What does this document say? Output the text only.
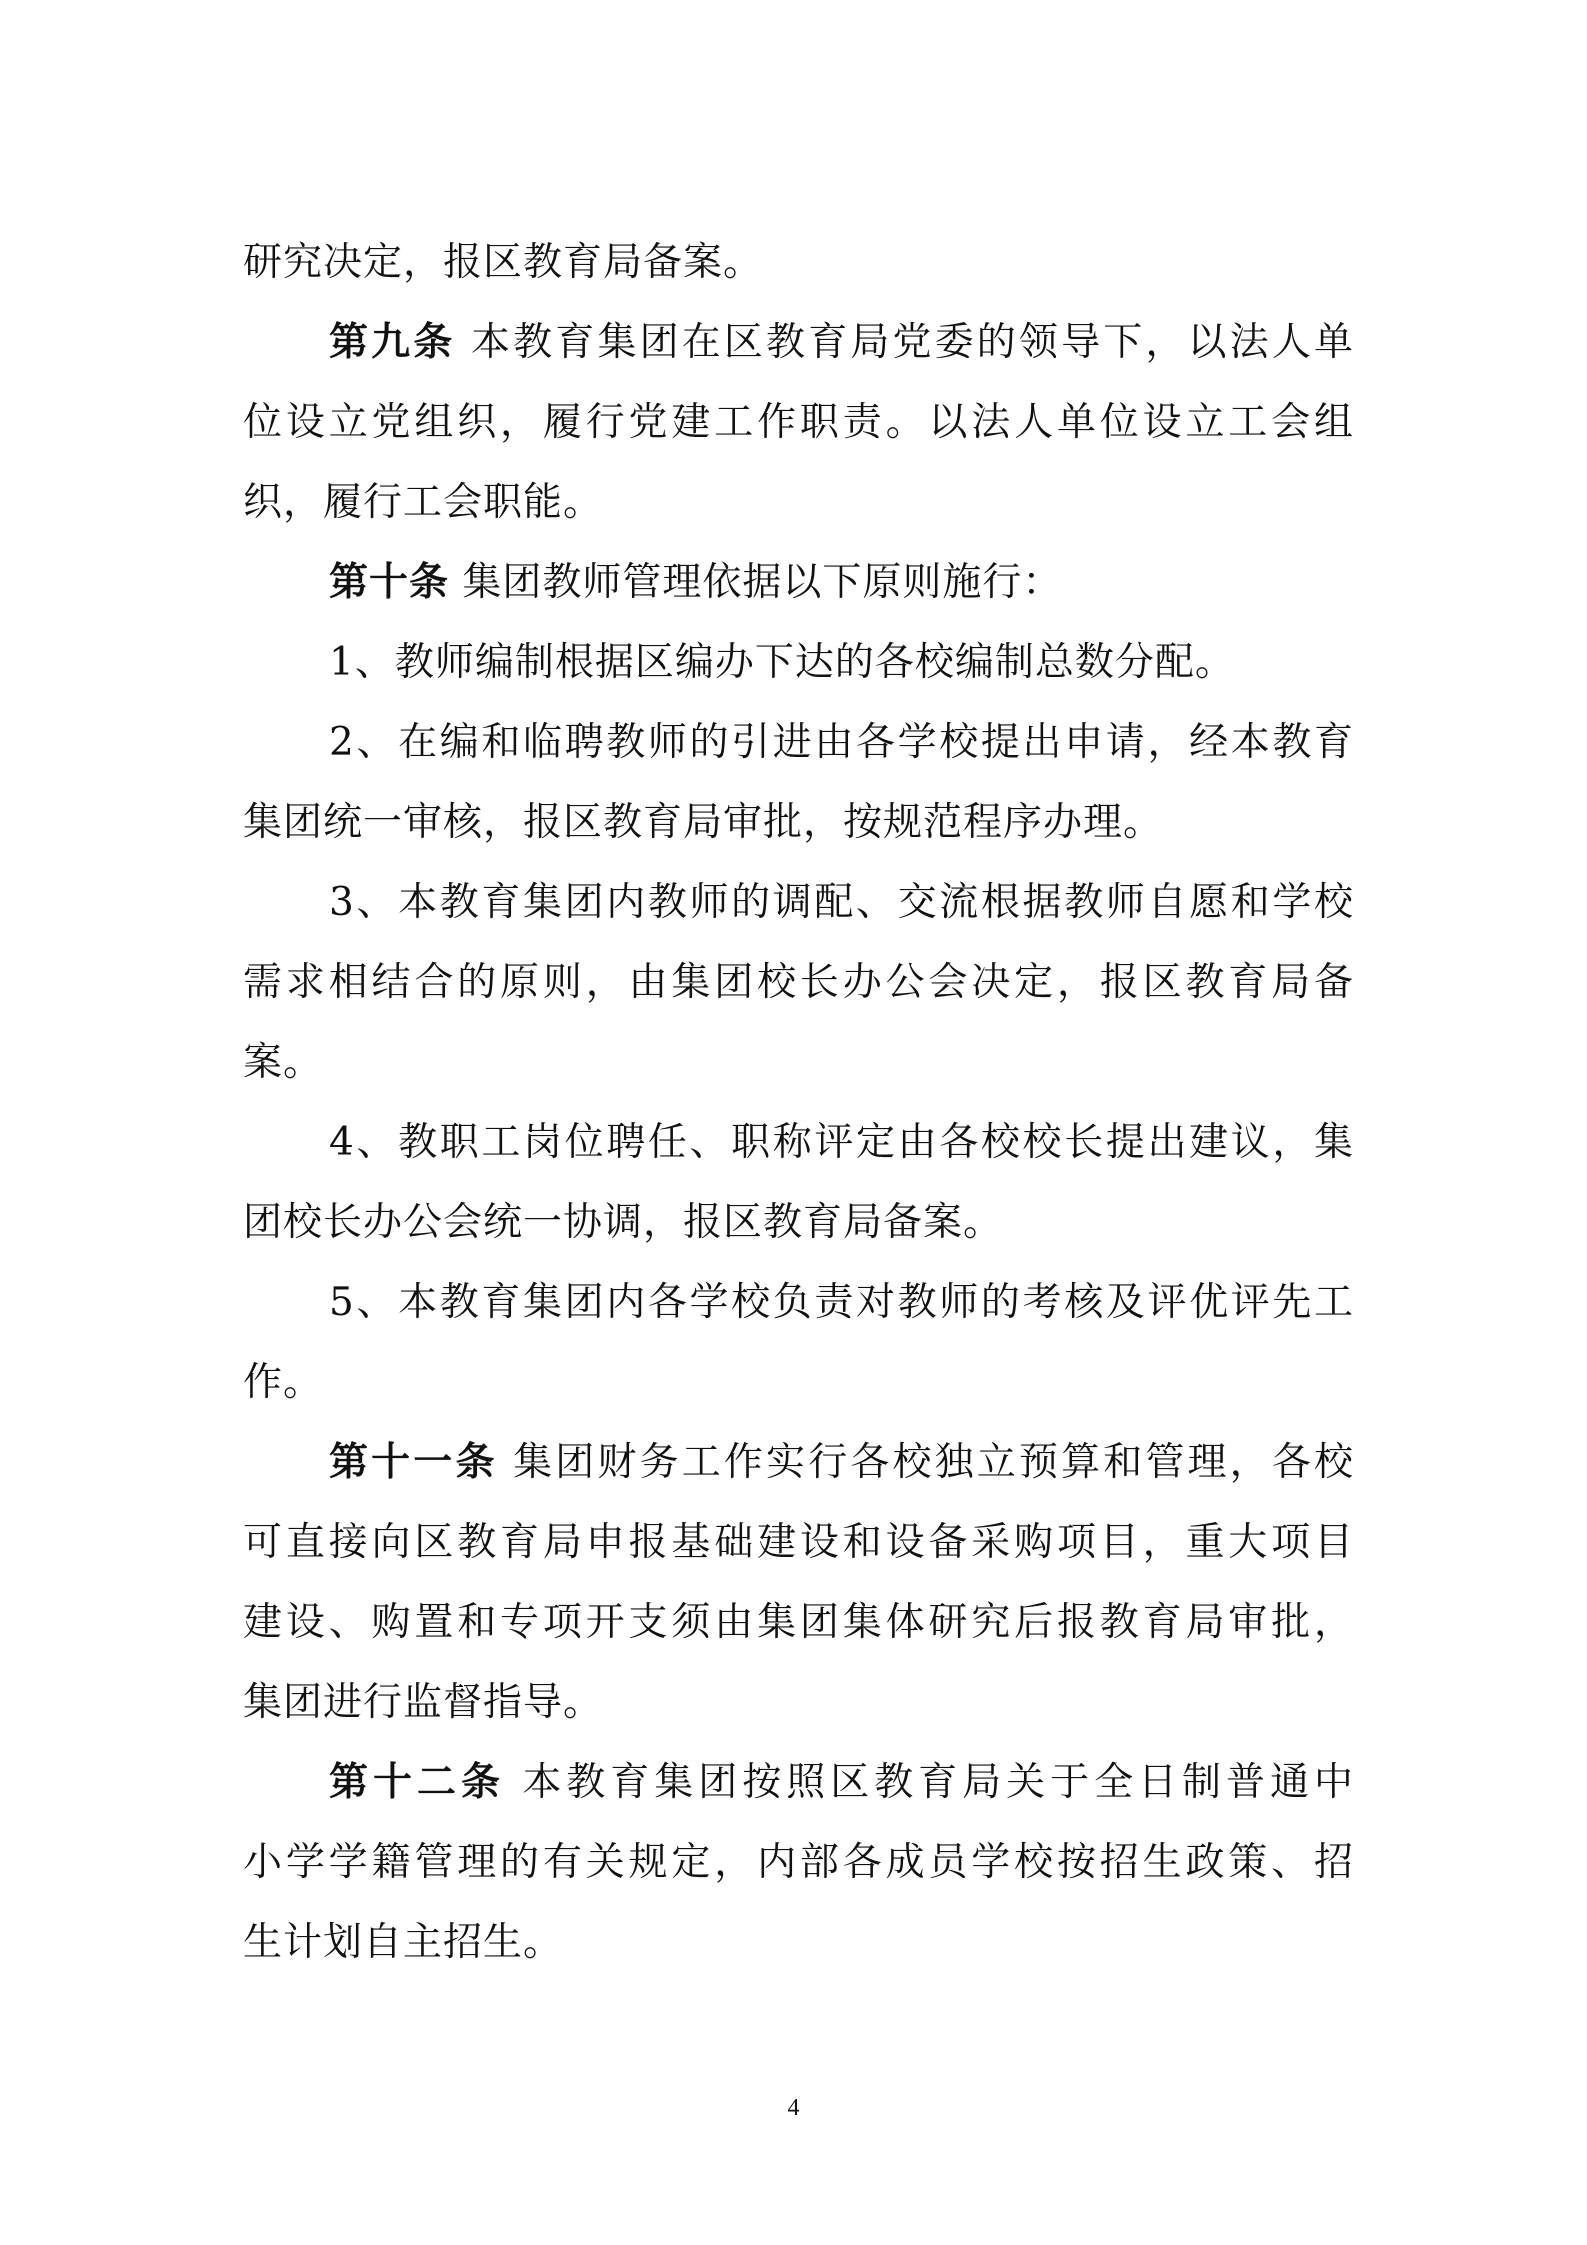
研究决定，报区教育局备案。
第九条 本教育集团在区教育局党委的领导下，以法人单
位设立党组织，履行党建工作职责。以法人单位设立工会组
织，履行工会职能。
第十条 集团教师管理依据以下原则施行：
1、教师编制根据区编办下达的各校编制总数分配。
2、在编和临聘教师的引进由各学校提出申请，经本教育
集团统一审核，报区教育局审批，按规范程序办理。
3、本教育集团内教师的调配、交流根据教师自愿和学校
需求相结合的原则，由集团校长办公会决定，报区教育局备
案。
4、教职工岗位聘任、职称评定由各校校长提出建议，集
团校长办公会统一协调，报区教育局备案。
5、本教育集团内各学校负责对教师的考核及评优评先工
作。
第十一条 集团财务工作实行各校独立预算和管理，各校
可直接向区教育局申报基础建设和设备采购项目，重大项目
建设、购置和专项开支须由集团集体研究后报教育局审批，
集团进行监督指导。
第十二条 本教育集团按照区教育局关于全日制普通中
小学学籍管理的有关规定，内部各成员学校按招生政策、招
生计划自主招生。
4
